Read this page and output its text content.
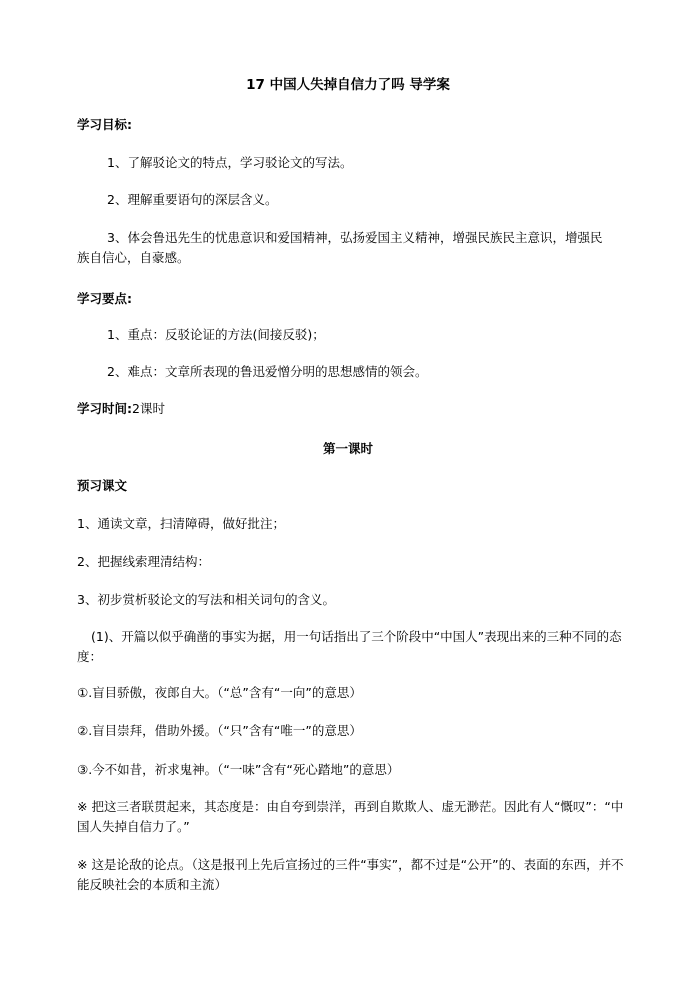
17 中国人失掉自信力了吗 导学案
学习目标:
1、了解驳论文的特点，学习驳论文的写法。
2、理解重要语句的深层含义。
3、体会鲁迅先生的忧患意识和爱国精神，弘扬爱国主义精神，增强民族民主意识，增强民族自信心，自豪感。
学习要点:
1、重点：反驳论证的方法(间接反驳)；
2、难点：文章所表现的鲁迅爱憎分明的思想感情的领会。
学习时间:2课时
第一课时
预习课文
1、通读文章，扫清障碍，做好批注；
2、把握线索理清结构：
3、初步赏析驳论文的写法和相关词句的含义。
(1)、开篇以似乎确凿的事实为据，用一句话指出了三个阶段中“中国人”表现出来的三种不同的态度：
①.盲目骄傲，夜郎自大。（“总”含有“一向”的意思）
②.盲目崇拜，借助外援。（“只”含有“唯一”的意思）
③.今不如昔，祈求鬼神。（“一味”含有“死心踏地”的意思）
※ 把这三者联贯起来，其态度是：由自夸到崇洋，再到自欺欺人、虚无渺茫。因此有人“慨叹”：“中国人失掉自信力了。”
※ 这是论敌的论点。（这是报刊上先后宣扬过的三件“事实”，都不过是“公开”的、表面的东西，并不能反映社会的本质和主流）
